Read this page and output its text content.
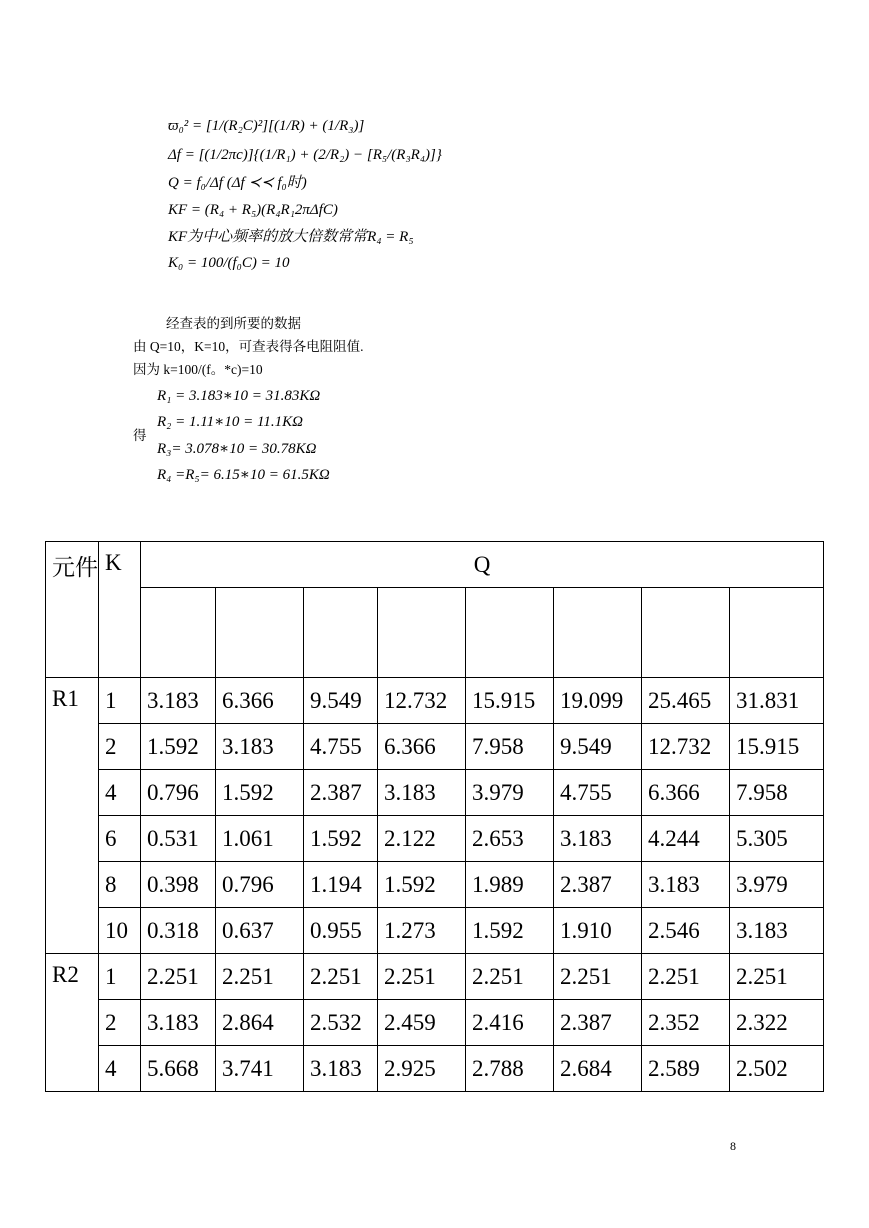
ϖ₀² = [1/(R₂C)²][(1/R) + (1/R₃)]
Δf = [(1/2πc)]{(1/R₁) + (2/R₂) − [R₅/(R₃R₄)]}
Q = f₀/Δf (Δf ≺≺ f₀时)
KF = (R₄ + R₅)(R₄R₁2πΔfC)
KF为中心频率的放大倍数常常R₄ = R₅
K₀ = 100/(f₀C) = 10
经查表的到所要的数据
由 Q=10，K=10，可查表得各电阻阻值.
因为 k=100/(f。*c)=10
得
R₁ = 3.183∗10 = 31.83KΩ
R₂ = 1.11∗10 = 11.1KΩ
R₃= 3.078∗10 = 30.78KΩ
R₄ =R₅= 6.15∗10 = 61.5KΩ
元件	K	Q							

R1	1	3.183	6.366	9.549	12.732	15.915	19.099	25.465	31.831
	2	1.592	3.183	4.755	6.366	7.958	9.549	12.732	15.915
	4	0.796	1.592	2.387	3.183	3.979	4.755	6.366	7.958
	6	0.531	1.061	1.592	2.122	2.653	3.183	4.244	5.305
	8	0.398	0.796	1.194	1.592	1.989	2.387	3.183	3.979
	10	0.318	0.637	0.955	1.273	1.592	1.910	2.546	3.183
R2	1	2.251	2.251	2.251	2.251	2.251	2.251	2.251	2.251
	2	3.183	2.864	2.532	2.459	2.416	2.387	2.352	2.322
	4	5.668	3.741	3.183	2.925	2.788	2.684	2.589	2.502
8
